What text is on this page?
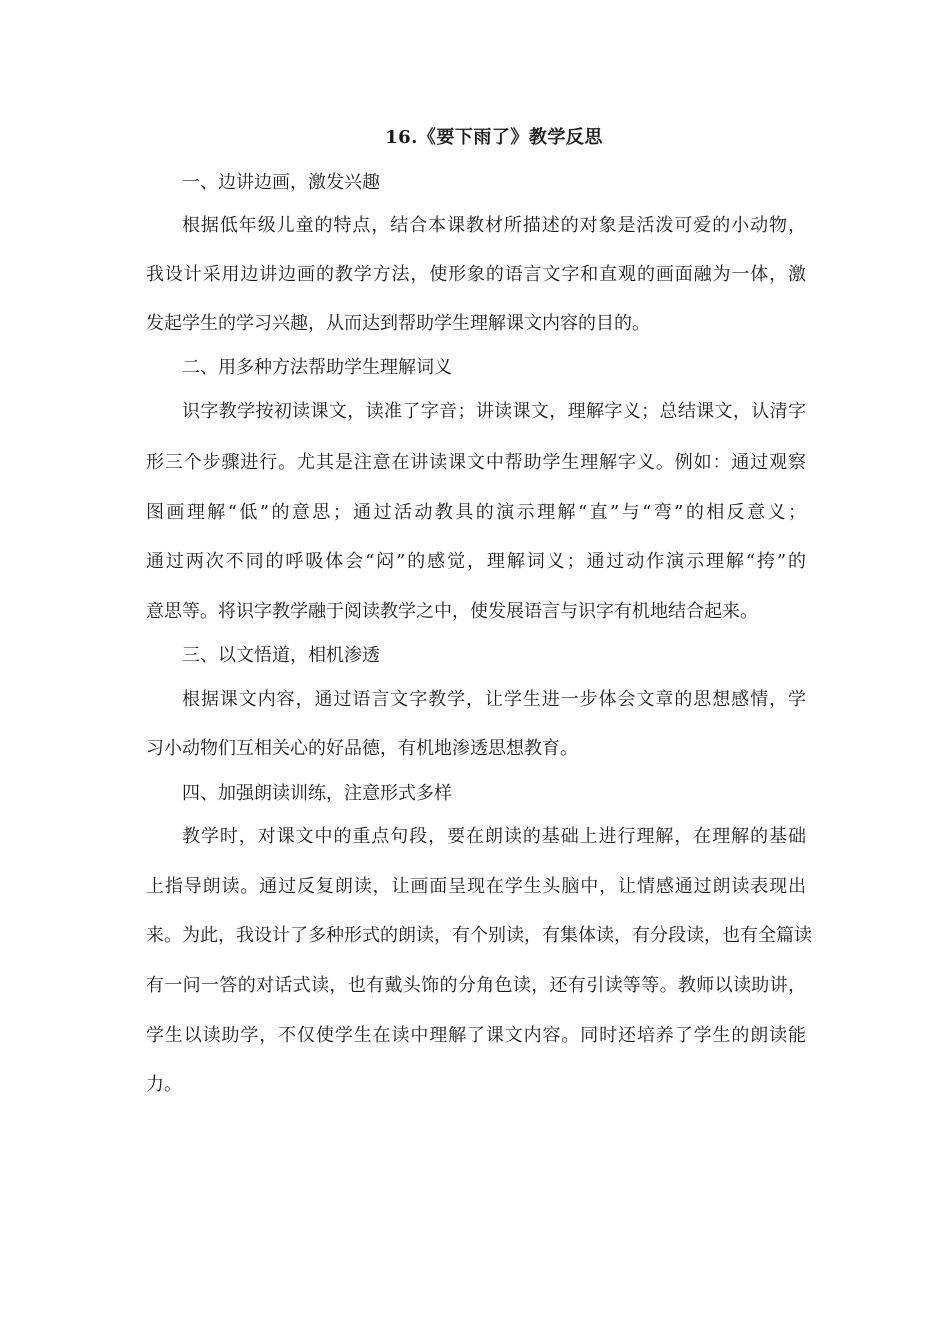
16.《要下雨了》教学反思
一、边讲边画，激发兴趣
根据低年级儿童的特点，结合本课教材所描述的对象是活泼可爱的小动物，
我设计采用边讲边画的教学方法，使形象的语言文字和直观的画面融为一体，激
发起学生的学习兴趣，从而达到帮助学生理解课文内容的目的。
二、用多种方法帮助学生理解词义
识字教学按初读课文，读准了字音；讲读课文，理解字义；总结课文，认清字
形三个步骤进行。尤其是注意在讲读课文中帮助学生理解字义。例如：通过观察
图画理解“低”的意思；通过活动教具的演示理解“直”与“弯”的相反意义；
通过两次不同的呼吸体会“闷”的感觉，理解词义；通过动作演示理解“挎”的
意思等。将识字教学融于阅读教学之中，使发展语言与识字有机地结合起来。
三、以文悟道，相机渗透
根据课文内容，通过语言文字教学，让学生进一步体会文章的思想感情，学
习小动物们互相关心的好品德，有机地渗透思想教育。
四、加强朗读训练，注意形式多样
教学时，对课文中的重点句段，要在朗读的基础上进行理解，在理解的基础
上指导朗读。通过反复朗读，让画面呈现在学生头脑中，让情感通过朗读表现出
来。为此，我设计了多种形式的朗读，有个别读，有集体读，有分段读，也有全篇读
有一问一答的对话式读，也有戴头饰的分角色读，还有引读等等。教师以读助讲，
学生以读助学，不仅使学生在读中理解了课文内容。同时还培养了学生的朗读能
力。
